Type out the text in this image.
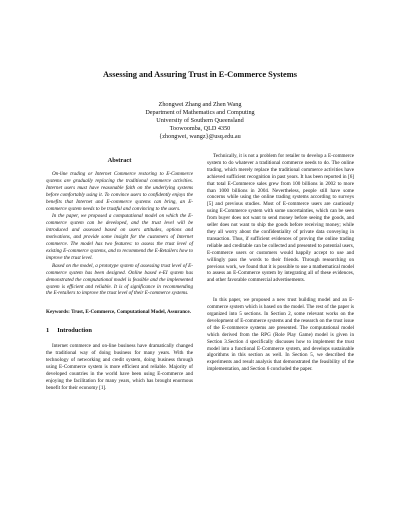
Assessing and Assuring Trust in E-Commerce Systems
Zhongwei Zhang and Zhen Wang
Department of Mathematics and Computing
University of Southern Queensland
Toowoomba, QLD 4350
{zhongwei, wangz}@usq.edu.au
Abstract

On-line trading or Internet Commerce restoring to E-Commerce systems are gradually replacing the traditional commerce activities. Internet users must have reasonable faith on the underlying systems before comfortably using it. To convince users to confidently enjoys the benefits that Internet and E-commerce systems can bring, an E-commerce system needs to be trustful and convincing to the users.

In the paper, we proposed a computational model on which the E-commerce system can be developed, and the trust level will be introduced and assessed based on users attitudes, options and motivations, and provide some insight for the customers of Internet commerce. The model has two features: to assess the trust level of existing E-commerce systems, and to recommend the E-Retailers how to improve the trust level.

Based on the model, a prototype system of assessing trust level of E-commerce system has been designed. Online based e-EI system has demonstrated the computational model is feasible and the implemented system is efficient and reliable. It is of significance in recommending the E-retailers to improve the trust level of their E-commerce systems.

Keywords: Trust, E-Commerce, Computational Model, Assurance.
1 Introduction

Internet commerce and on-line business have dramatically changed the traditional way of doing business for many years. With the technology of networking and credit system, doing business through using E-Commerce system is more efficient and reliable. Majority of developed countries in the world have been using E-commerce and enjoying the facilitation for many years, which has brought enormous benefit for their economy [1].

Technically, it is not a problem for retailer to develop a E-commerce system to do whatever a traditional commerce needs to do. The online trading, which merely replace the traditional commerce activities have achieved sufficient recognition in past years. It has been reported in [6] that total E-Commerce sales grew from 100 billions in 2002 to more than 1000 billions in 2004. Nevertheless, people still have some concerns while using the online trading systems according to surveys [5] and previous studies. Most of E-commerce users are cautiously using E-Commerce system with some uncertainties, which can be seen from buyer does not want to send money before seeing the goods, and seller does not want to ship the goods before receiving money; while they all worry about the confidentiality of private data conveying in transaction. Thus, if sufficient evidences of proving the online trading reliable and creditable can be collected and presented to potential users, E-commerce users or customers would happily accept to use and willingly pass the words to their friends. Through researching on previous work, we found that it is possible to use a mathematical model to assess an E-Commerce system by integrating all of these evidences, and other favorable commercial advertisements.

In this paper, we proposed a new trust building model and an E-commerce system which is based on the model. The rest of the paper is organized into 5 sections. In Section 2, some relevant works on the development of E-commerce systems and the research on the trust issue of the E-commerce systems are presented. The computational model which derived from the RPG (Role Play Game) model is given in Section 3.Section 4 specifically discusses how to implement the trust model into a functional E-Commerce system, and develops sustainable algorithms in this section as well. In Section 5, we described the experiments and result analysis that demonstrated the feasibility of the implementation, and Section 6 concluded the paper.
